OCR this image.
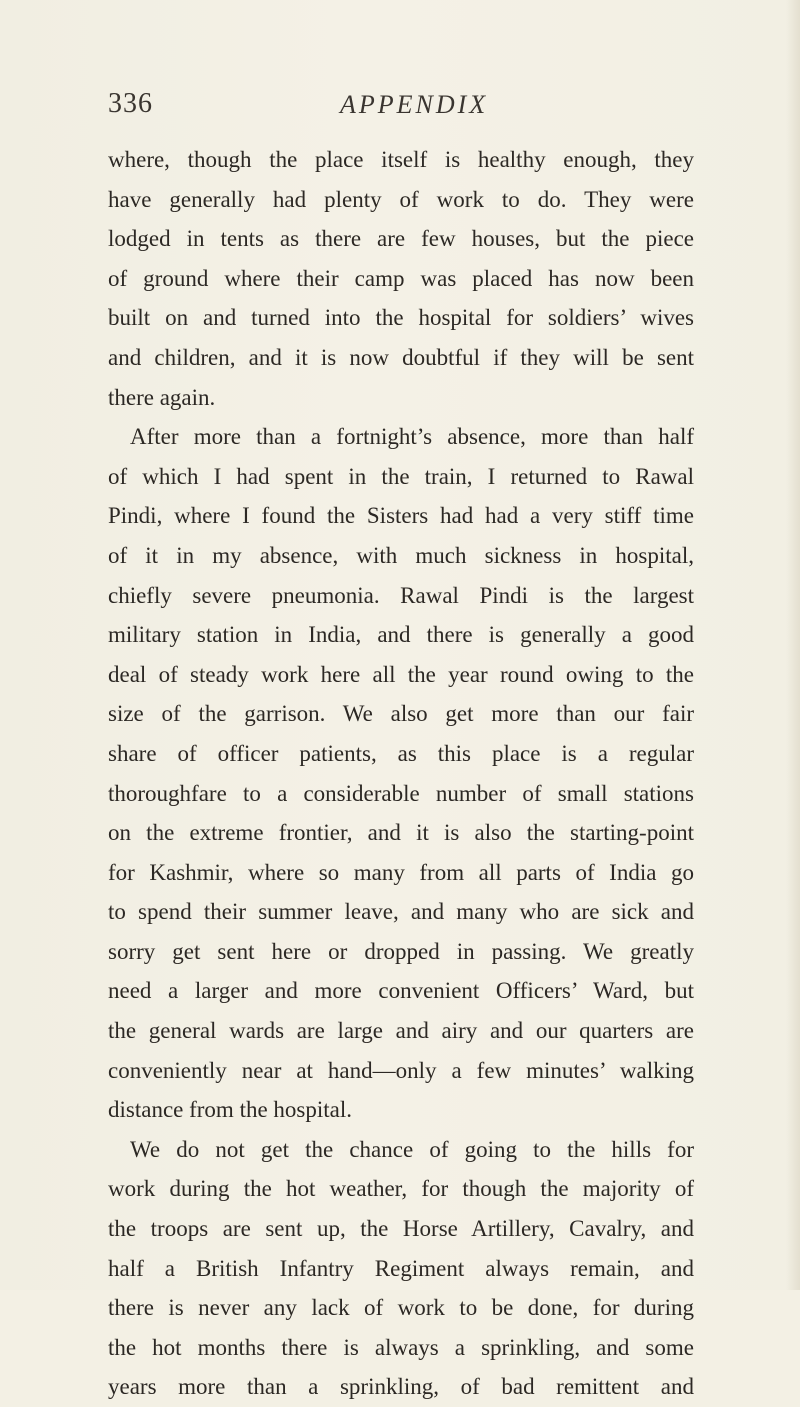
336	APPENDIX
where, though the place itself is healthy enough, they
have generally had plenty of work to do. They were
lodged in tents as there are few houses, but the piece
of ground where their camp was placed has now been
built on and turned into the hospital for soldiers’ wives
and children, and it is now doubtful if they will be sent
there again.
After more than a fortnight’s absence, more than half
of which I had spent in the train, I returned to Rawal
Pindi, where I found the Sisters had had a very stiff time
of it in my absence, with much sickness in hospital,
chiefly severe pneumonia. Rawal Pindi is the largest
military station in India, and there is generally a good
deal of steady work here all the year round owing to the
size of the garrison. We also get more than our fair
share of officer patients, as this place is a regular
thoroughfare to a considerable number of small stations
on the extreme frontier, and it is also the starting-point
for Kashmir, where so many from all parts of India go
to spend their summer leave, and many who are sick and
sorry get sent here or dropped in passing. We greatly
need a larger and more convenient Officers’ Ward, but
the general wards are large and airy and our quarters are
conveniently near at hand—only a few minutes’ walking
distance from the hospital.
We do not get the chance of going to the hills for
work during the hot weather, for though the majority of
the troops are sent up, the Horse Artillery, Cavalry, and
half a British Infantry Regiment always remain, and
there is never any lack of work to be done, for during
the hot months there is always a sprinkling, and some
years more than a sprinkling, of bad remittent and
